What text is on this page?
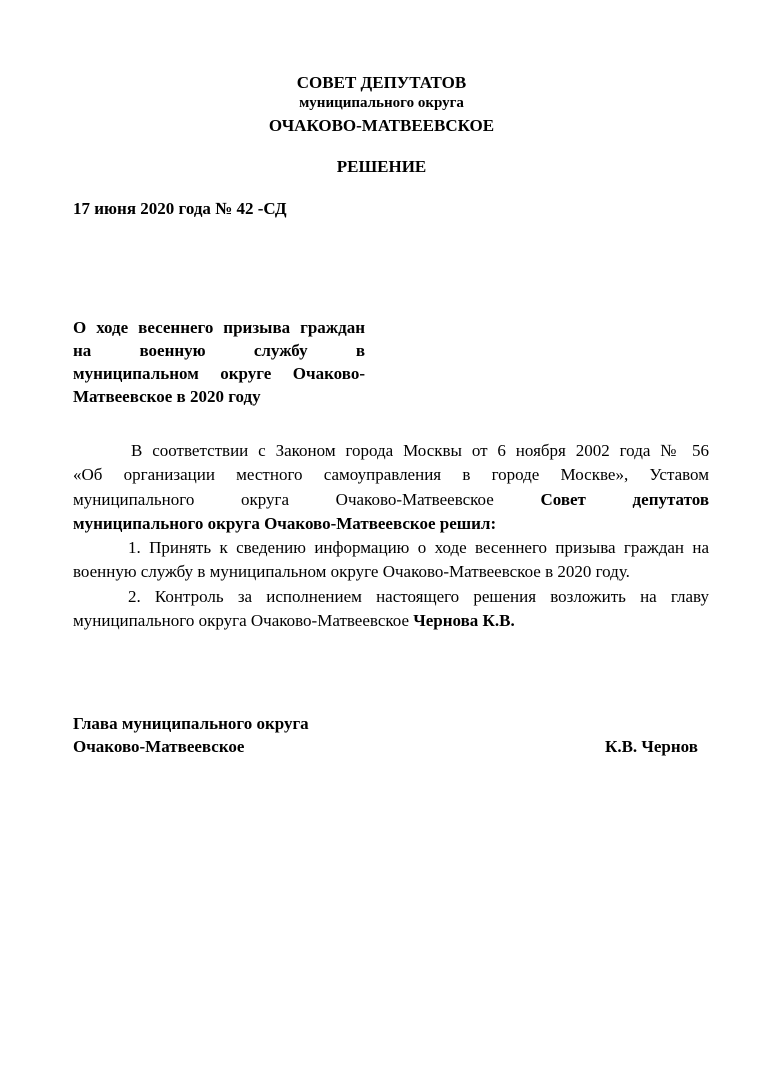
СОВЕТ ДЕПУТАТОВ
муниципального округа
ОЧАКОВО-МАТВЕЕВСКОЕ
РЕШЕНИЕ
17 июня 2020 года № 42 -СД
О ходе весеннего призыва граждан
на военную службу в
муниципальном округе Очаково-
Матвеевское в 2020 году
В соответствии с Законом города Москвы от 6 ноября 2002 года № 56
«Об организации местного самоуправления в городе Москве», Уставом
муниципального округа Очаково-Матвеевское	Совет депутатов
муниципального округа Очаково-Матвеевское решил:
1. Принять к сведению информацию о ходе весеннего призыва граждан на
военную службу в муниципальном округе Очаково-Матвеевское в 2020 году.
2. Контроль за исполнением настоящего решения возложить на главу
муниципального округа Очаково-Матвеевское Чернова К.В.
Глава муниципального округа
Очаково-Матвеевское	К.В. Чернов
